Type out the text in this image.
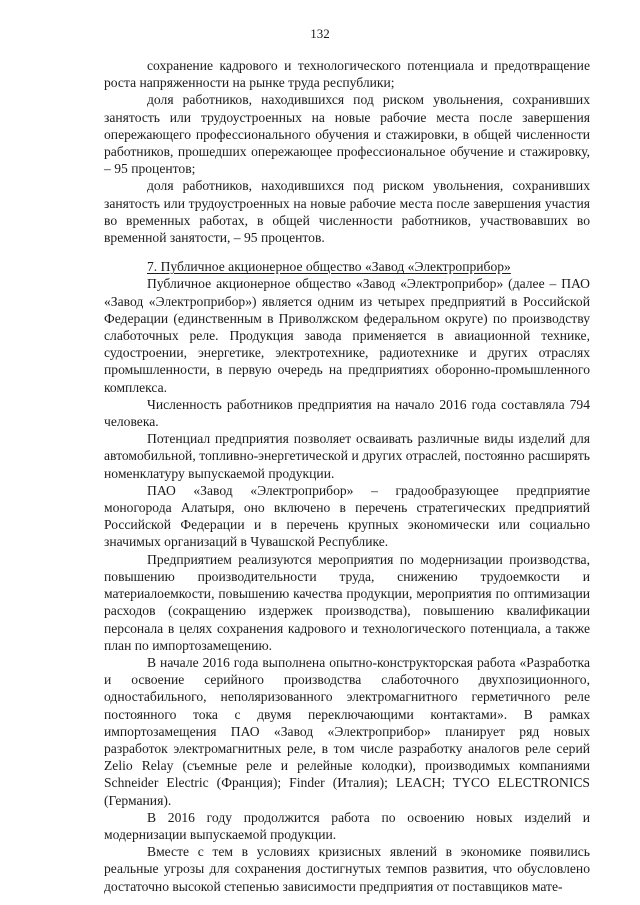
132

сохранение кадрового и технологического потенциала и предотвращение роста напряженности на рынке труда республики;

доля работников, находившихся под риском увольнения, сохранивших занятость или трудоустроенных на новые рабочие места после завершения опережающего профессионального обучения и стажировки, в общей численности работников, прошедших опережающее профессиональное обучение и стажировку, – 95 процентов;

доля работников, находившихся под риском увольнения, сохранивших занятость или трудоустроенных на новые рабочие места после завершения участия во временных работах, в общей численности работников, участвовавших во временной занятости, – 95 процентов.

7. Публичное акционерное общество «Завод «Электроприбор»

Публичное акционерное общество «Завод «Электроприбор» (далее – ПАО «Завод «Электроприбор») является одним из четырех предприятий в Российской Федерации (единственным в Приволжском федеральном округе) по производству слаботочных реле. Продукция завода применяется в авиационной технике, судостроении, энергетике, электротехнике, радиотехнике и других отраслях промышленности, в первую очередь на предприятиях оборонно-промышленного комплекса.

Численность работников предприятия на начало 2016 года составляла 794 человека.

Потенциал предприятия позволяет осваивать различные виды изделий для автомобильной, топливно-энергетической и других отраслей, постоянно расширять номенклатуру выпускаемой продукции.

ПАО «Завод «Электроприбор» – градообразующее предприятие моногорода Алатыря, оно включено в перечень стратегических предприятий Российской Федерации и в перечень крупных экономически или социально значимых организаций в Чувашской Республике.

Предприятием реализуются мероприятия по модернизации производства, повышению производительности труда, снижению трудоемкости и материалоемкости, повышению качества продукции, мероприятия по оптимизации расходов (сокращению издержек производства), повышению квалификации персонала в целях сохранения кадрового и технологического потенциала, а также план по импортозамещению.

В начале 2016 года выполнена опытно-конструкторская работа «Разработка и освоение серийного производства слаботочного двухпозиционного, одностабильного, неполяризованного электромагнитного герметичного реле постоянного тока с двумя переключающими контактами». В рамках импортозамещения ПАО «Завод «Электроприбор» планирует ряд новых разработок электромагнитных реле, в том числе разработку аналогов реле серий Zelio Relay (съемные реле и релейные колодки), производимых компаниями Schneider Electric (Франция); Finder (Италия); LEACH; TYCO ELECTRONICS (Германия).

В 2016 году продолжится работа по освоению новых изделий и модернизации выпускаемой продукции.

Вместе с тем в условиях кризисных явлений в экономике появились реальные угрозы для сохранения достигнутых темпов развития, что обусловлено достаточно высокой степенью зависимости предприятия от поставщиков мате-
